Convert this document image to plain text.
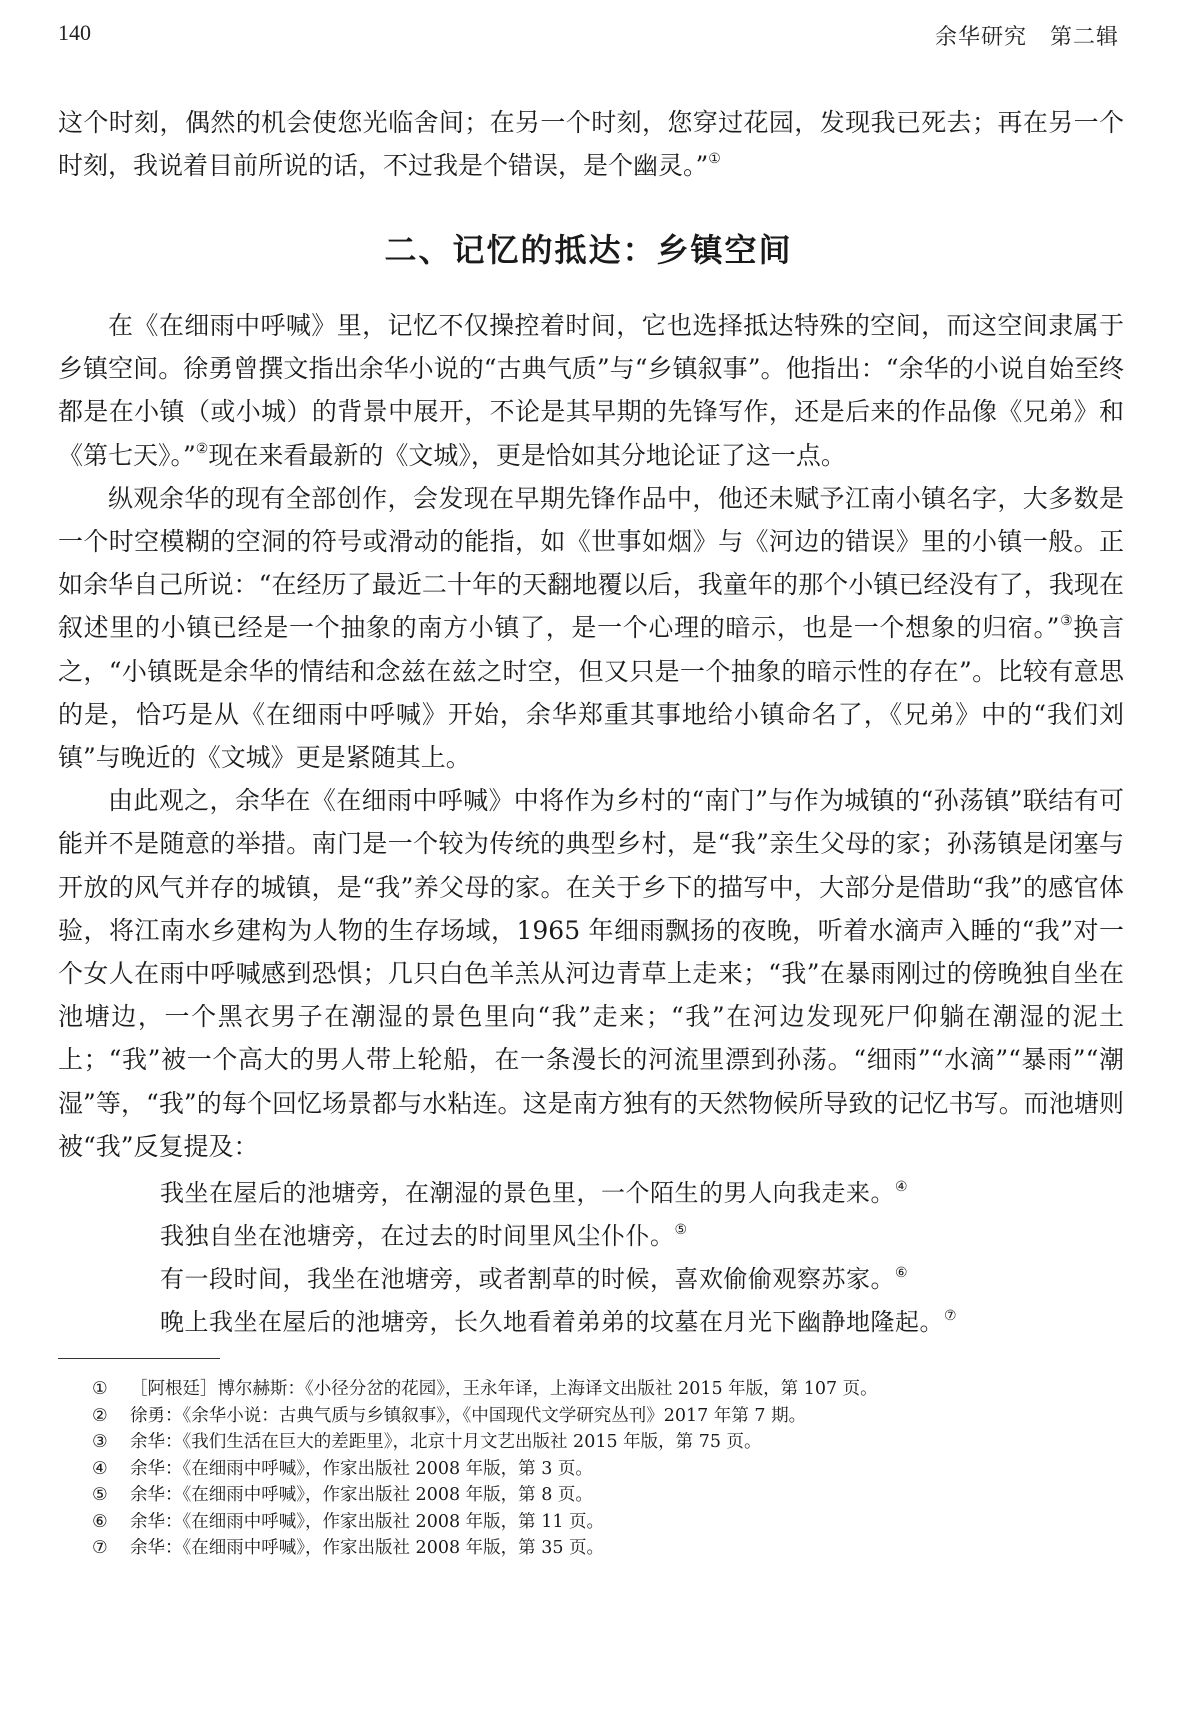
140	余华研究　第二辑

这个时刻，偶然的机会使您光临舍间；在另一个时刻，您穿过花园，发现我已死去；再在另一个时刻，我说着目前所说的话，不过我是个错误，是个幽灵。”①

二、记忆的抵达：乡镇空间

在《在细雨中呼喊》里，记忆不仅操控着时间，它也选择抵达特殊的空间，而这空间隶属于乡镇空间。徐勇曾撰文指出余华小说的“古典气质”与“乡镇叙事”。他指出：“余华的小说自始至终都是在小镇（或小城）的背景中展开，不论是其早期的先锋写作，还是后来的作品像《兄弟》和《第七天》。”②现在来看最新的《文城》，更是恰如其分地论证了这一点。

纵观余华的现有全部创作，会发现在早期先锋作品中，他还未赋予江南小镇名字，大多数是一个时空模糊的空洞的符号或滑动的能指，如《世事如烟》与《河边的错误》里的小镇一般。正如余华自己所说：“在经历了最近二十年的天翻地覆以后，我童年的那个小镇已经没有了，我现在叙述里的小镇已经是一个抽象的南方小镇了，是一个心理的暗示，也是一个想象的归宿。”③换言之，“小镇既是余华的情结和念兹在兹之时空，但又只是一个抽象的暗示性的存在”。比较有意思的是，恰巧是从《在细雨中呼喊》开始，余华郑重其事地给小镇命名了，《兄弟》中的“我们刘镇”与晚近的《文城》更是紧随其上。

由此观之，余华在《在细雨中呼喊》中将作为乡村的“南门”与作为城镇的“孙荡镇”联结有可能并不是随意的举措。南门是一个较为传统的典型乡村，是“我”亲生父母的家；孙荡镇是闭塞与开放的风气并存的城镇，是“我”养父母的家。在关于乡下的描写中，大部分是借助“我”的感官体验，将江南水乡建构为人物的生存场域，1965 年细雨飘扬的夜晚，听着水滴声入睡的“我”对一个女人在雨中呼喊感到恐惧；几只白色羊羔从河边青草上走来；“我”在暴雨刚过的傍晚独自坐在池塘边，一个黑衣男子在潮湿的景色里向“我”走来；“我”在河边发现死尸仰躺在潮湿的泥土上；“我”被一个高大的男人带上轮船，在一条漫长的河流里漂到孙荡。“细雨”“水滴”“暴雨”“潮湿”等，“我”的每个回忆场景都与水粘连。这是南方独有的天然物候所导致的记忆书写。而池塘则被“我”反复提及：

我坐在屋后的池塘旁，在潮湿的景色里，一个陌生的男人向我走来。④

我独自坐在池塘旁，在过去的时间里风尘仆仆。⑤

有一段时间，我坐在池塘旁，或者割草的时候，喜欢偷偷观察苏家。⑥

晚上我坐在屋后的池塘旁，长久地看着弟弟的坟墓在月光下幽静地隆起。⑦

① ［阿根廷］博尔赫斯：《小径分岔的花园》，王永年译，上海译文出版社 2015 年版，第 107 页。
② 徐勇：《余华小说：古典气质与乡镇叙事》，《中国现代文学研究丛刊》2017 年第 7 期。
③ 余华：《我们生活在巨大的差距里》，北京十月文艺出版社 2015 年版，第 75 页。
④ 余华：《在细雨中呼喊》，作家出版社 2008 年版，第 3 页。
⑤ 余华：《在细雨中呼喊》，作家出版社 2008 年版，第 8 页。
⑥ 余华：《在细雨中呼喊》，作家出版社 2008 年版，第 11 页。
⑦ 余华：《在细雨中呼喊》，作家出版社 2008 年版，第 35 页。
